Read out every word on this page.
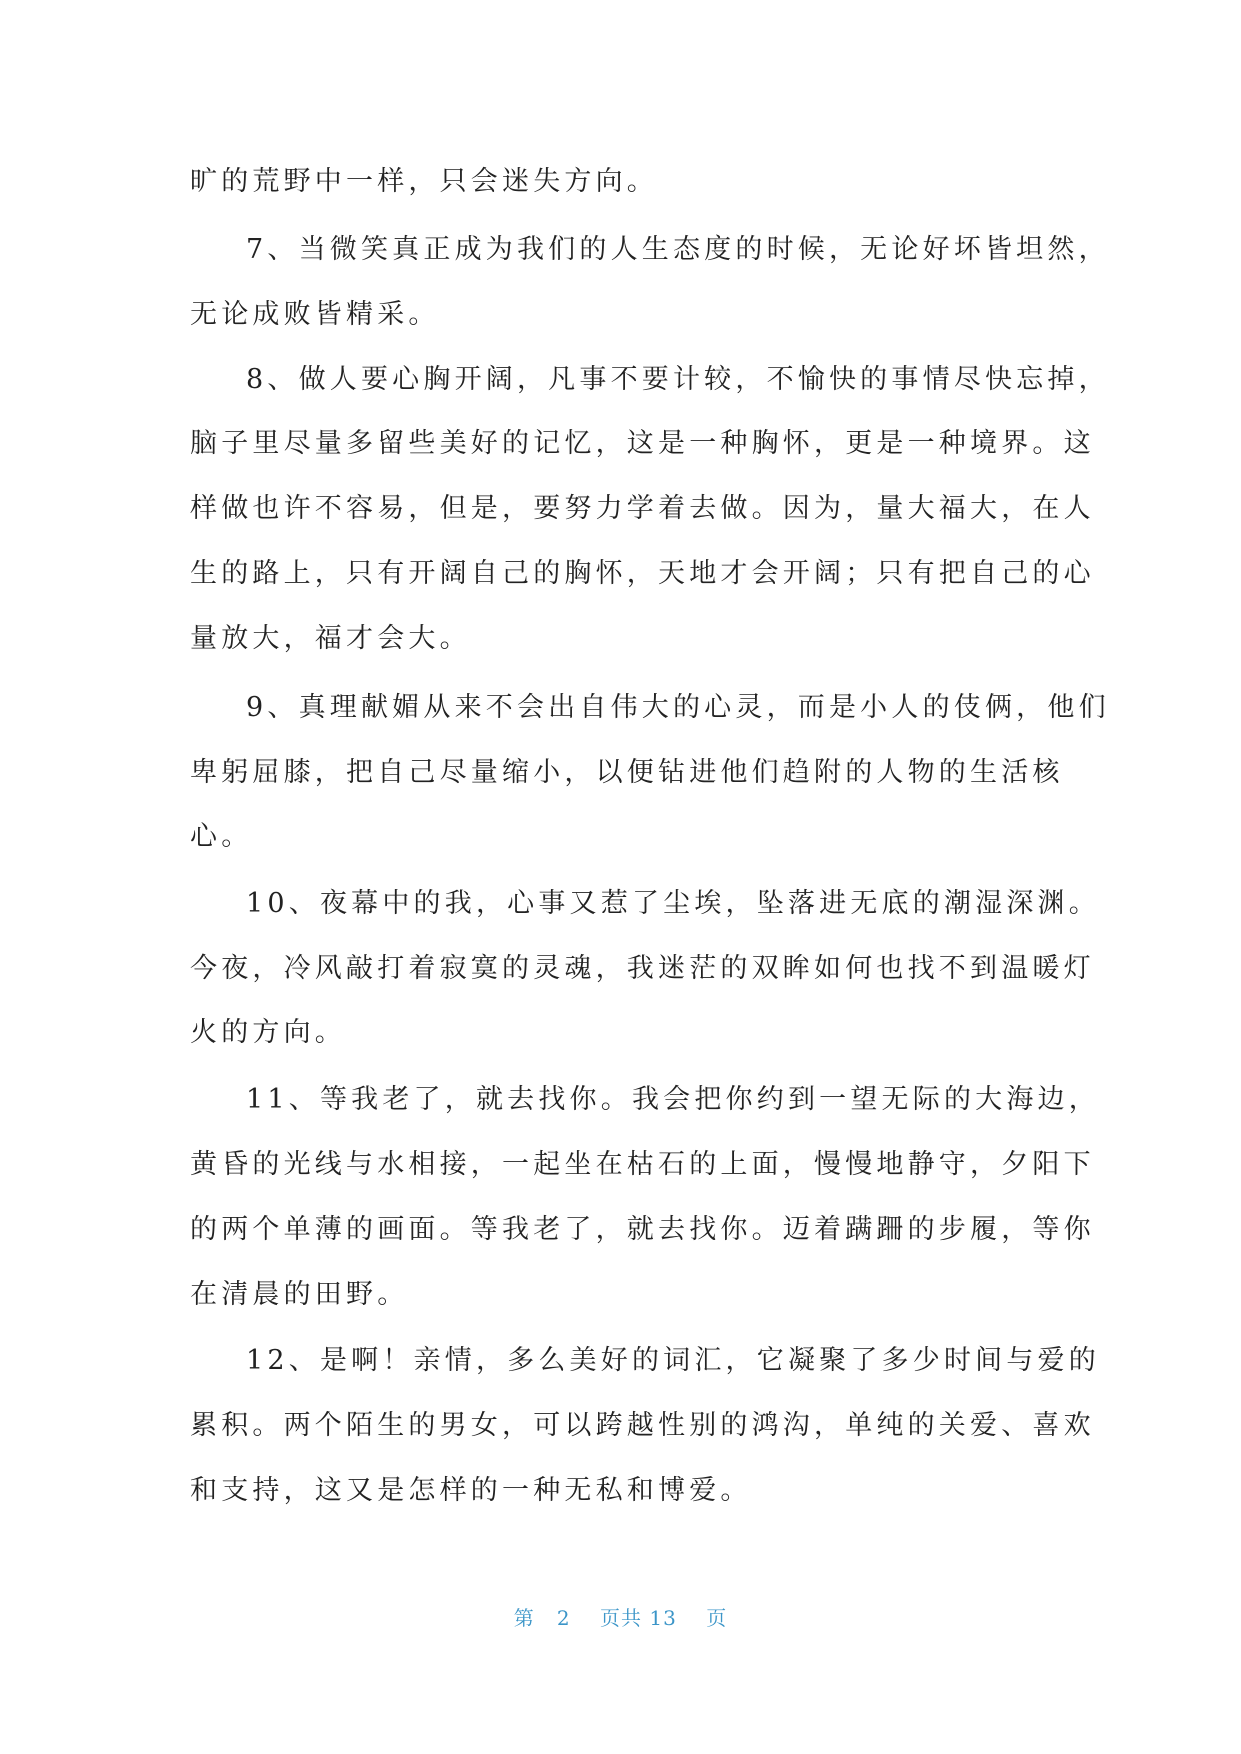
旷的荒野中一样，只会迷失方向。
7、当微笑真正成为我们的人生态度的时候，无论好坏皆坦然，
无论成败皆精采。
8、做人要心胸开阔，凡事不要计较，不愉快的事情尽快忘掉，
脑子里尽量多留些美好的记忆，这是一种胸怀，更是一种境界。这
样做也许不容易，但是，要努力学着去做。因为，量大福大，在人
生的路上，只有开阔自己的胸怀，天地才会开阔；只有把自己的心
量放大，福才会大。
9、真理献媚从来不会出自伟大的心灵，而是小人的伎俩，他们
卑躬屈膝，把自己尽量缩小，以便钻进他们趋附的人物的生活核
心。
10、夜幕中的我，心事又惹了尘埃，坠落进无底的潮湿深渊。
今夜，冷风敲打着寂寞的灵魂，我迷茫的双眸如何也找不到温暖灯
火的方向。
11、等我老了，就去找你。我会把你约到一望无际的大海边，
黄昏的光线与水相接，一起坐在枯石的上面，慢慢地静守，夕阳下
的两个单薄的画面。等我老了，就去找你。迈着蹒跚的步履，等你
在清晨的田野。
12、是啊！亲情，多么美好的词汇，它凝聚了多少时间与爱的
累积。两个陌生的男女，可以跨越性别的鸿沟，单纯的关爱、喜欢
和支持，这又是怎样的一种无私和博爱。
第 2 页共 13 页
